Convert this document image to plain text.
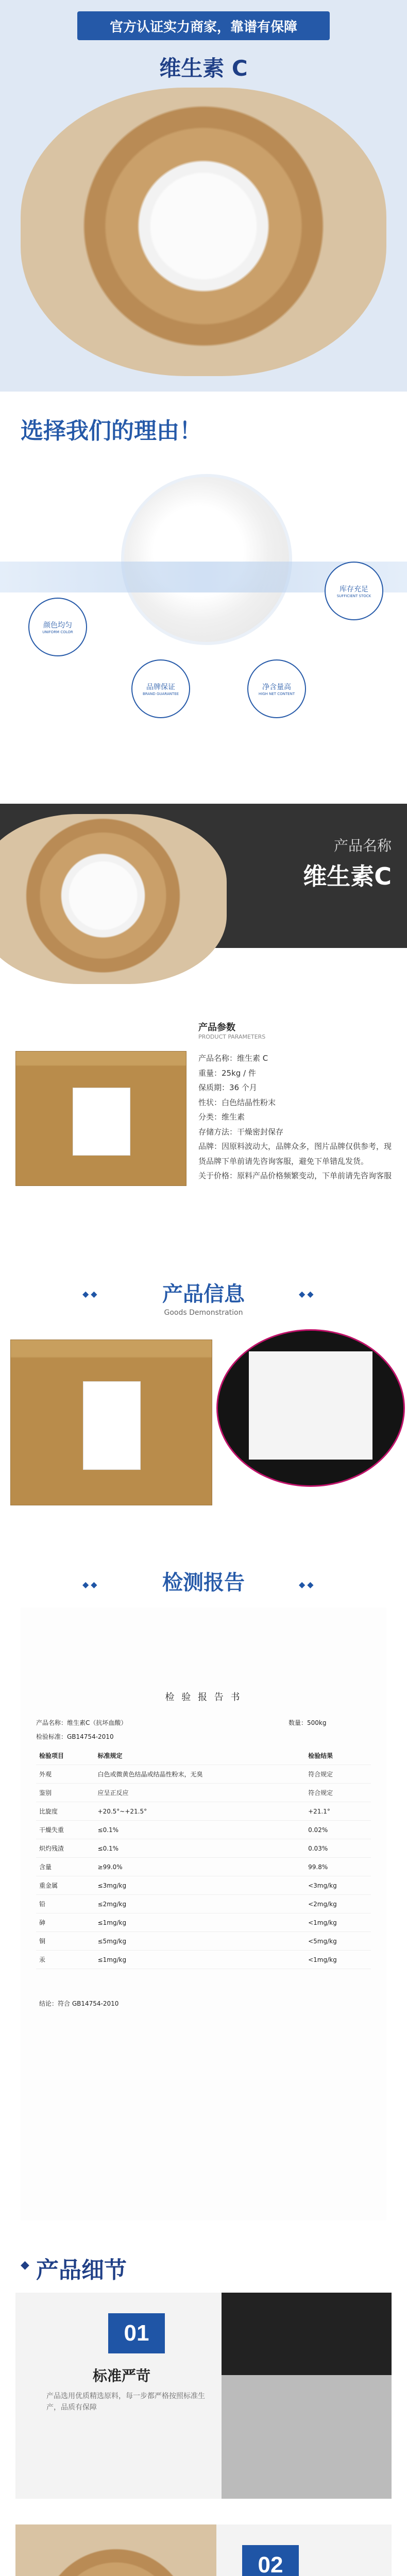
官方认证实力商家，靠谱有保障
维生素 C
选择我们的理由！
颜色均匀
UNIFORM COLOR
品牌保证
BRAND GUARANTEE
净含量高
HIGH NET CONTENT
库存充足
SUFFICIENT STOCK
产品名称
维生素C
产品参数
PRODUCT PARAMETERS
产品名称：维生素 C
重量：25kg / 件
保质期：36 个月
性状：白色结晶性粉末
分类：维生素
存储方法：干燥密封保存
品牌：因原料波动大，品牌众多，图片品牌仅供参考，现货品牌下单前请先咨询客服，避免下单错乱发货。
关于价格：原料产品价格频繁变动，下单前请先咨询客服
◆◆	产品信息	◆◆
Goods Demonstration
◆◆	检测报告	◆◆
检 验 报 告 书
产品名称：维生素C（抗坏血酸）	数量：500kg
检验标准：GB14754-2010
检验项目	标准规定	检验结果
外观	白色或微黄色结晶或结晶性粉末，无臭	符合规定
鉴别	应呈正反应	符合规定
比旋度	+20.5°~+21.5°	+21.1°
干燥失重	≤0.1%	0.02%
炽灼残渣	≤0.1%	0.03%
含量	≥99.0%	99.8%
重金属	≤3mg/kg	<3mg/kg
铅	≤2mg/kg	<2mg/kg
砷	≤1mg/kg	<1mg/kg
铜	≤5mg/kg	<5mg/kg
汞	≤1mg/kg	<1mg/kg
结论：符合 GB14754-2010
◆ 产品细节
01
标准严苛
产品选用优质精选原料，每一步都严格按照标准生产，品质有保障
02
